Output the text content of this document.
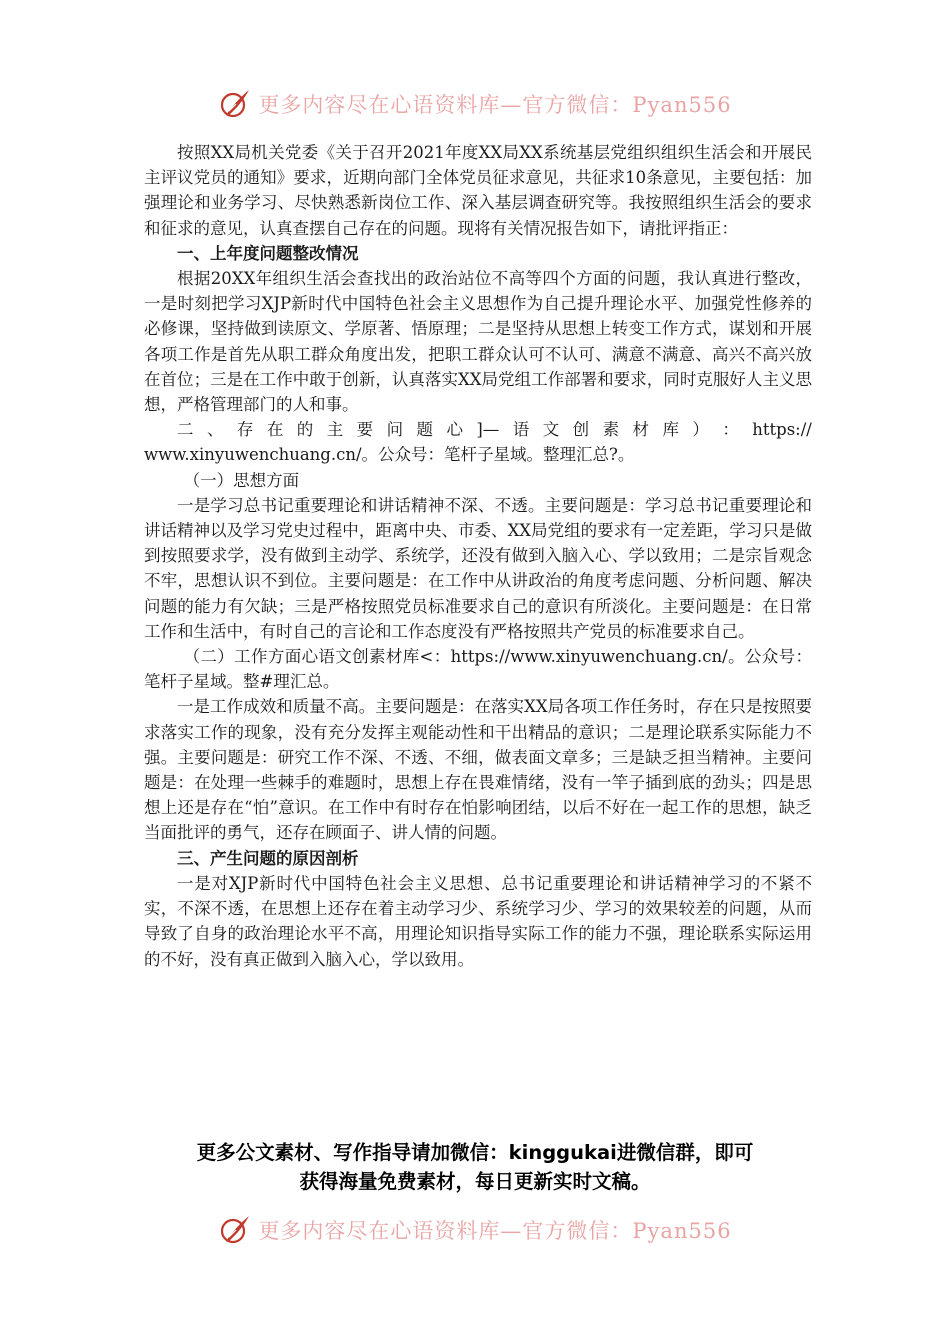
更多内容尽在心语资料库—官方微信：Pyan556

按照XX局机关党委《关于召开2021年度XX局XX系统基层党组织组织生活会和开展民主评议党员的通知》要求，近期向部门全体党员征求意见，共征求10条意见，主要包括：加强理论和业务学习、尽快熟悉新岗位工作、深入基层调查研究等。我按照组织生活会的要求和征求的意见，认真查摆自己存在的问题。现将有关情况报告如下，请批评指正：

一、上年度问题整改情况

根据20XX年组织生活会查找出的政治站位不高等四个方面的问题，我认真进行整改，一是时刻把学习XJP新时代中国特色社会主义思想作为自己提升理论水平、加强党性修养的必修课，坚持做到读原文、学原著、悟原理；二是坚持从思想上转变工作方式，谋划和开展各项工作是首先从职工群众角度出发，把职工群众认可不认可、满意不满意、高兴不高兴放在首位；三是在工作中敢于创新，认真落实XX局党组工作部署和要求，同时克服好人主义思想，严格管理部门的人和事。

二 、 存 在 的 主 要 问 题 心 ]— 语 文 创 素 材 库 ） ： https://

www.xinyuwenchuang.cn/。公众号：笔杆子星域。整理汇总?。

（一）思想方面

一是学习总书记重要理论和讲话精神不深、不透。主要问题是：学习总书记重要理论和讲话精神以及学习党史过程中，距离中央、市委、XX局党组的要求有一定差距，学习只是做到按照要求学，没有做到主动学、系统学，还没有做到入脑入心、学以致用；二是宗旨观念不牢，思想认识不到位。主要问题是：在工作中从讲政治的角度考虑问题、分析问题、解决问题的能力有欠缺；三是严格按照党员标准要求自己的意识有所淡化。主要问题是：在日常工作和生活中，有时自己的言论和工作态度没有严格按照共产党员的标准要求自己。

（二）工作方面心语文创素材库<：https://www.xinyuwenchuang.cn/。公众号：笔杆子星域。整#理汇总。

一是工作成效和质量不高。主要问题是：在落实XX局各项工作任务时，存在只是按照要求落实工作的现象，没有充分发挥主观能动性和干出精品的意识；二是理论联系实际能力不强。主要问题是：研究工作不深、不透、不细，做表面文章多；三是缺乏担当精神。主要问题是：在处理一些棘手的难题时，思想上存在畏难情绪，没有一竿子插到底的劲头；四是思想上还是存在“怕”意识。在工作中有时存在怕影响团结，以后不好在一起工作的思想，缺乏当面批评的勇气，还存在顾面子、讲人情的问题。

三、产生问题的原因剖析

一是对XJP新时代中国特色社会主义思想、总书记重要理论和讲话精神学习的不紧不实，不深不透，在思想上还存在着主动学习少、系统学习少、学习的效果较差的问题，从而导致了自身的政治理论水平不高，用理论知识指导实际工作的能力不强，理论联系实际运用的不好，没有真正做到入脑入心，学以致用。

更多公文素材、写作指导请加微信：kinggukai进微信群，即可
获得海量免费素材，每日更新实时文稿。
更多内容尽在心语资料库—官方微信：Pyan556
